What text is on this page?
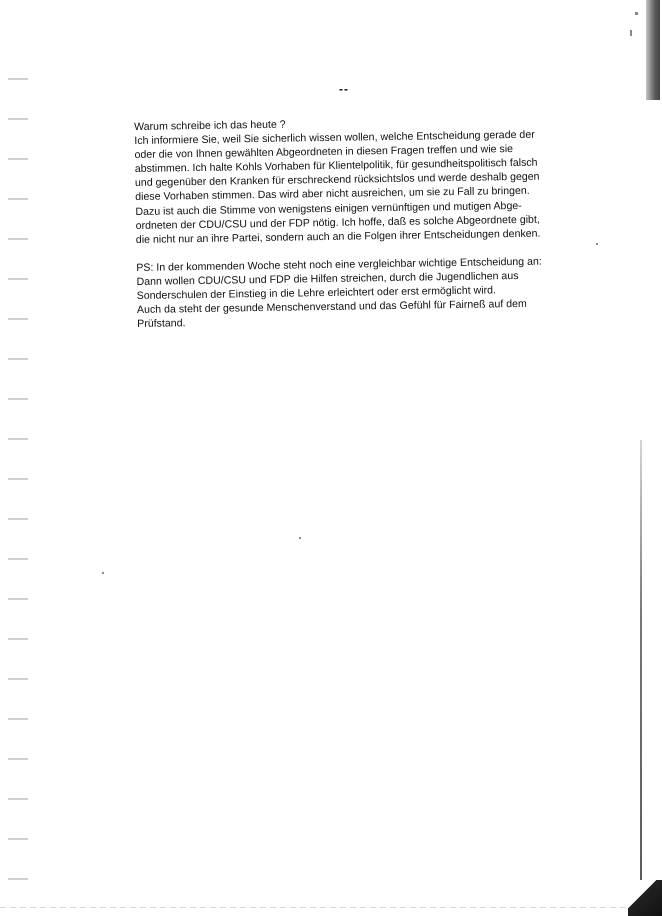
--

Warum schreibe ich das heute ?

Ich informiere Sie, weil Sie sicherlich wissen wollen, welche Entscheidung gerade der
oder die von Ihnen gewählten Abgeordneten in diesen Fragen treffen und wie sie
abstimmen. Ich halte Kohls Vorhaben für Klientelpolitik, für gesundheitspolitisch falsch
und gegenüber den Kranken für erschreckend rücksichtslos und werde deshalb gegen
diese Vorhaben stimmen. Das wird aber nicht ausreichen, um sie zu Fall zu bringen.
Dazu ist auch die Stimme von wenigstens einigen vernünftigen und mutigen Abge-
ordneten der CDU/CSU und der FDP nötig. Ich hoffe, daß es solche Abgeordnete gibt,
die nicht nur an ihre Partei, sondern auch an die Folgen ihrer Entscheidungen denken.

PS: In der kommenden Woche steht noch eine vergleichbar wichtige Entscheidung an:
Dann wollen CDU/CSU und FDP die Hilfen streichen, durch die Jugendlichen aus
Sonderschulen der Einstieg in die Lehre erleichtert oder erst ermöglicht wird.
Auch da steht der gesunde Menschenverstand und das Gefühl für Fairneß auf dem
Prüfstand.
